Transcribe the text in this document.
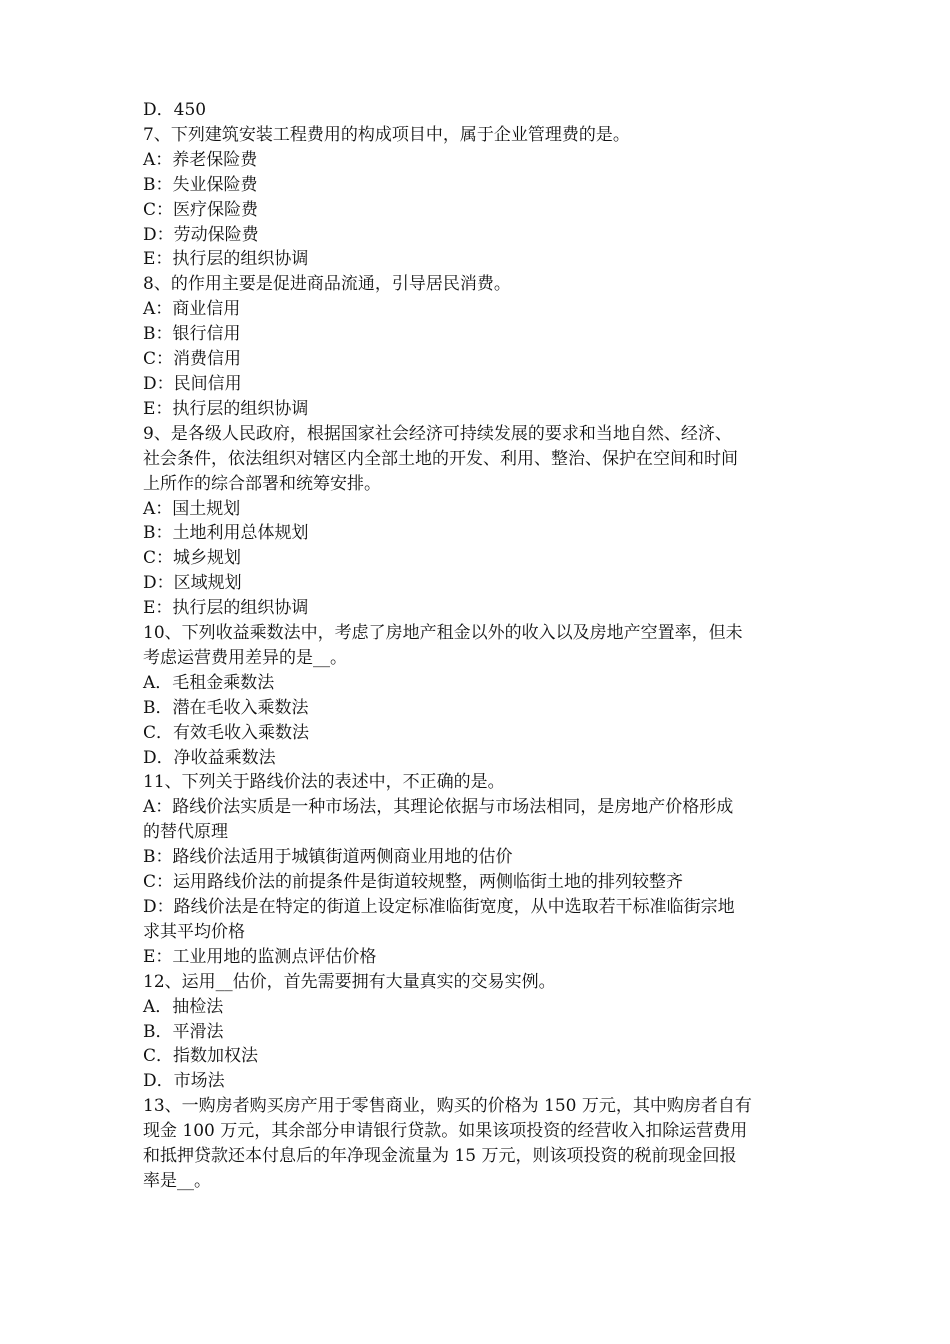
D．450
7、下列建筑安装工程费用的构成项目中，属于企业管理费的是。
A：养老保险费
B：失业保险费
C：医疗保险费
D：劳动保险费
E：执行层的组织协调
8、的作用主要是促进商品流通，引导居民消费。
A：商业信用
B：银行信用
C：消费信用
D：民间信用
E：执行层的组织协调
9、是各级人民政府，根据国家社会经济可持续发展的要求和当地自然、经济、
社会条件，依法组织对辖区内全部土地的开发、利用、整治、保护在空间和时间
上所作的综合部署和统筹安排。
A：国土规划
B：土地利用总体规划
C：城乡规划
D：区域规划
E：执行层的组织协调
10、下列收益乘数法中，考虑了房地产租金以外的收入以及房地产空置率，但未
考虑运营费用差异的是__。
A．毛租金乘数法
B．潜在毛收入乘数法
C．有效毛收入乘数法
D．净收益乘数法
11、下列关于路线价法的表述中，不正确的是。
A：路线价法实质是一种市场法，其理论依据与市场法相同，是房地产价格形成
的替代原理
B：路线价法适用于城镇街道两侧商业用地的估价
C：运用路线价法的前提条件是街道较规整，两侧临街土地的排列较整齐
D：路线价法是在特定的街道上设定标准临街宽度，从中选取若干标准临街宗地
求其平均价格
E：工业用地的监测点评估价格
12、运用__估价，首先需要拥有大量真实的交易实例。
A．抽检法
B．平滑法
C．指数加权法
D．市场法
13、一购房者购买房产用于零售商业，购买的价格为 150 万元，其中购房者自有
现金 100 万元，其余部分申请银行贷款。如果该项投资的经营收入扣除运营费用
和抵押贷款还本付息后的年净现金流量为 15 万元，则该项投资的税前现金回报
率是__。
